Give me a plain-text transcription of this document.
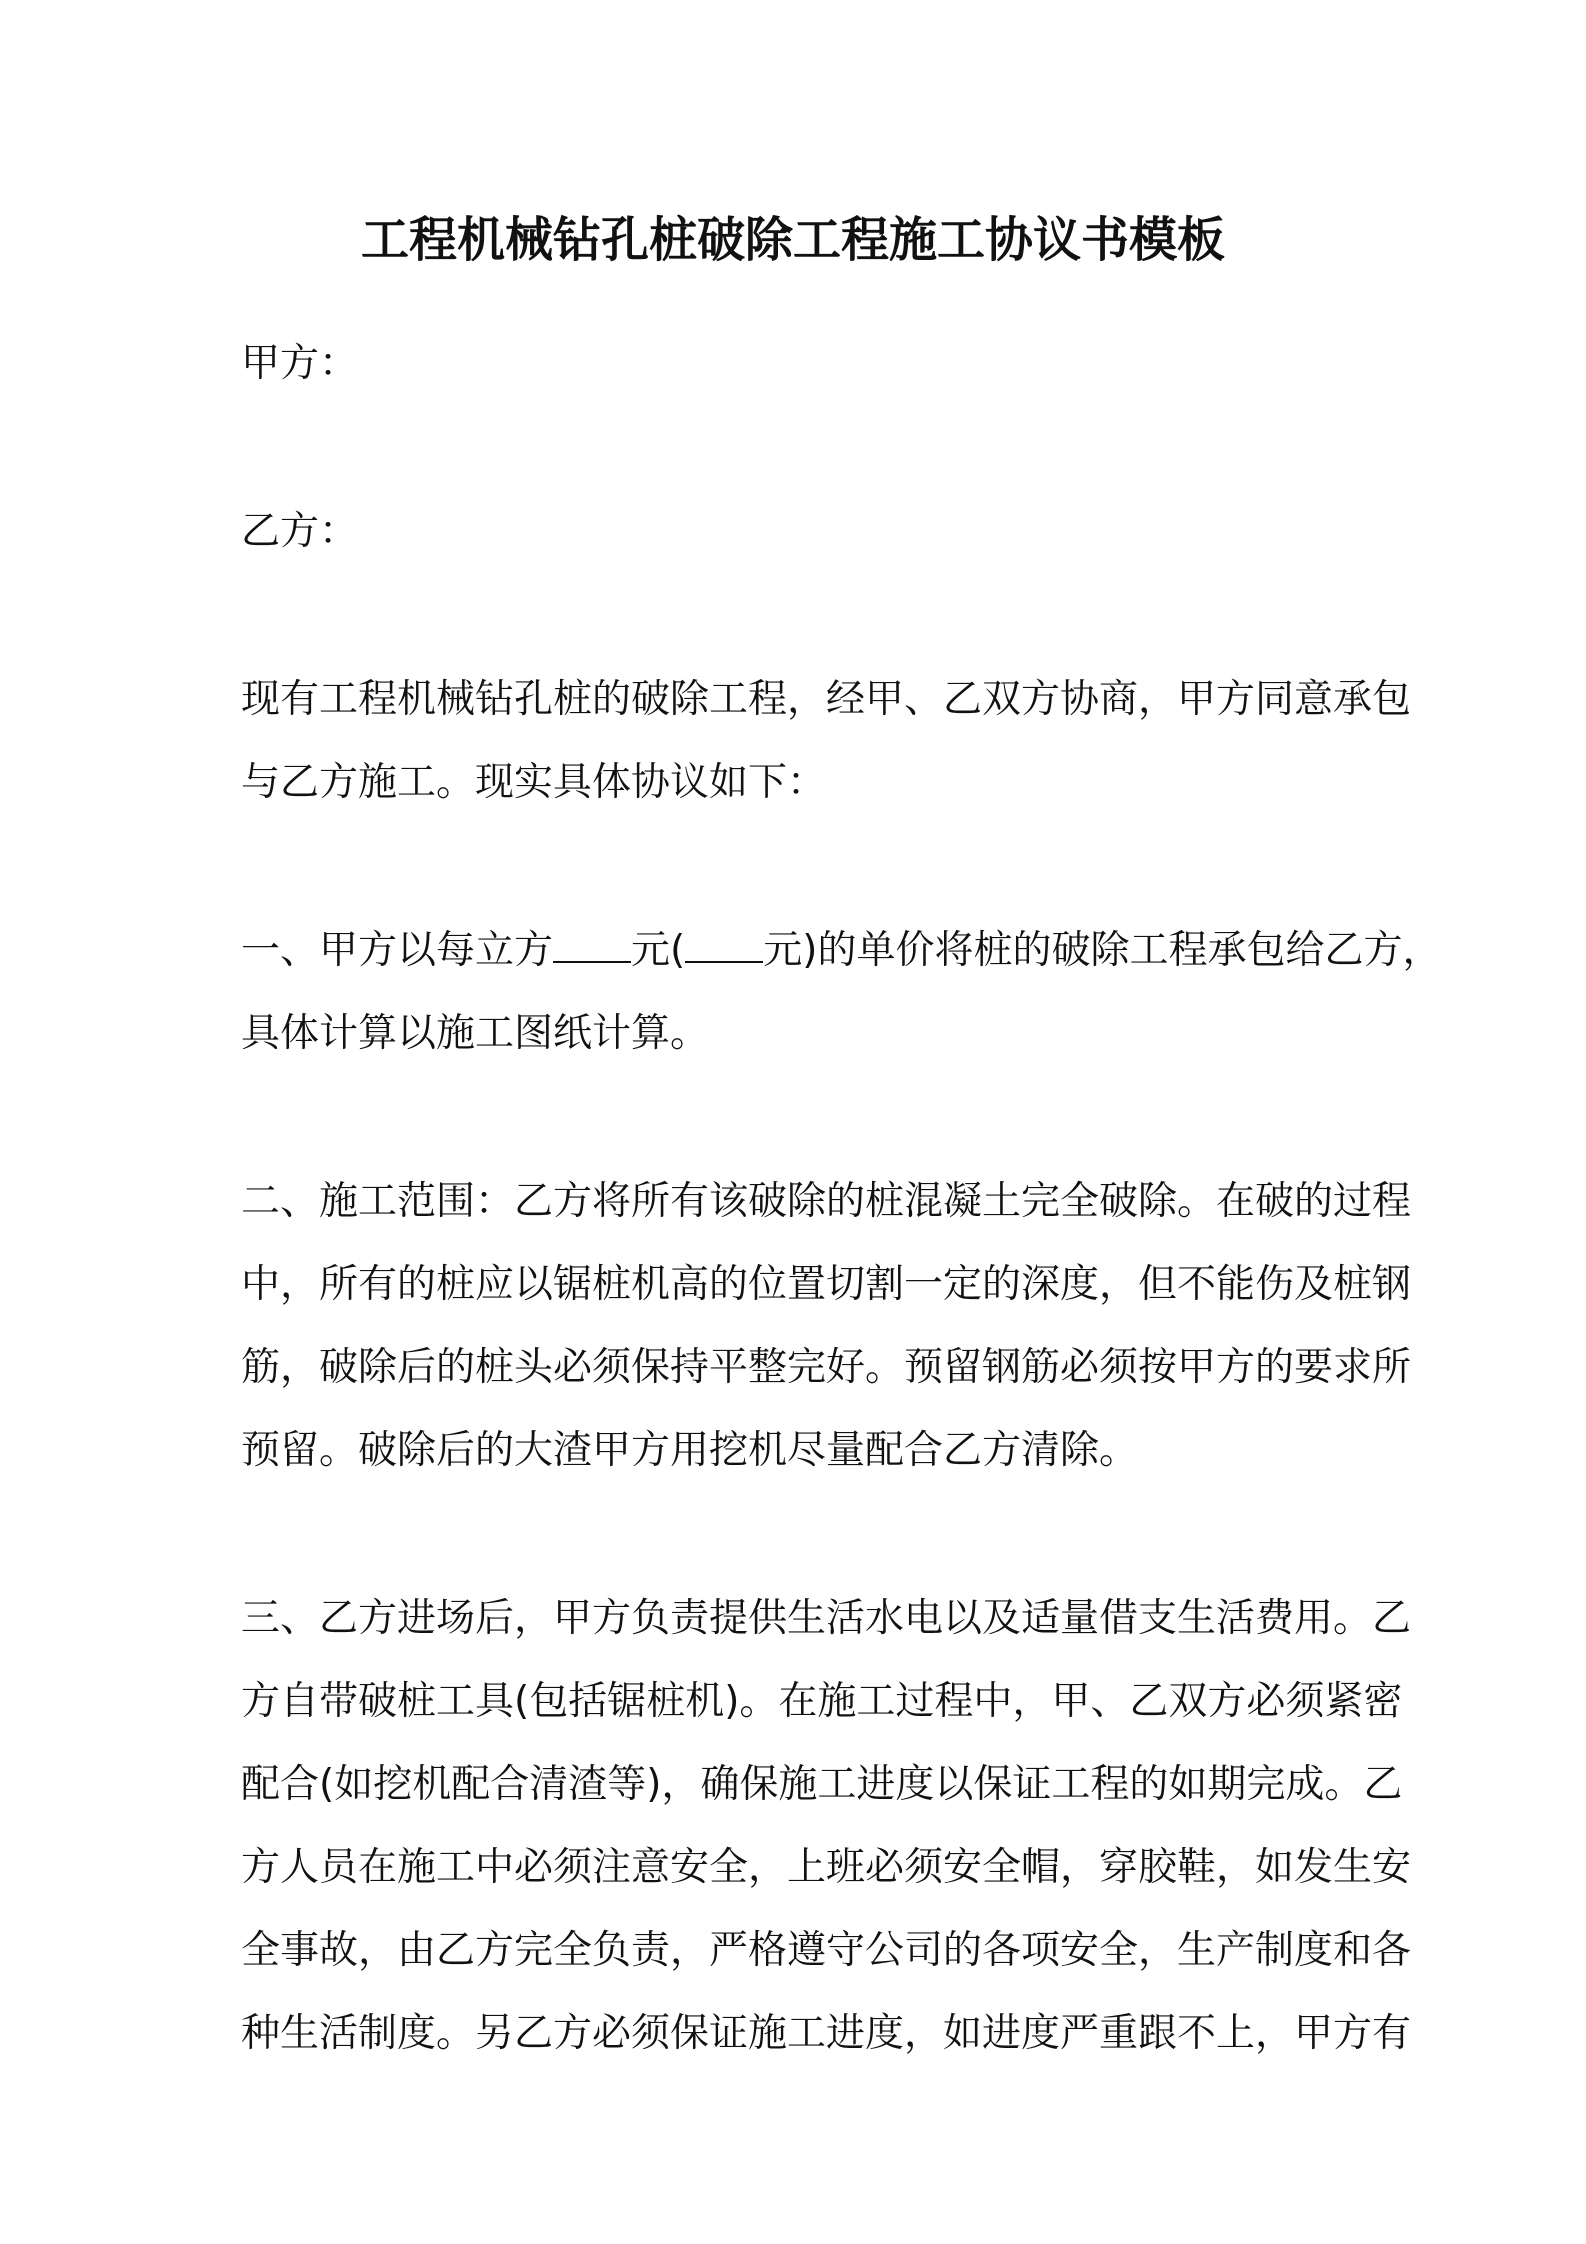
工程机械钻孔桩破除工程施工协议书模板

甲方：

乙方：

现有工程机械钻孔桩的破除工程，经甲、乙双方协商，甲方同意承包
与乙方施工。现实具体协议如下：
一、甲方以每立方 元( 元)的单价将桩的破除工程承包给乙方，
具体计算以施工图纸计算。
二、施工范围：乙方将所有该破除的桩混凝土完全破除。在破的过程
中，所有的桩应以锯桩机高的位置切割一定的深度，但不能伤及桩钢
筋，破除后的桩头必须保持平整完好。预留钢筋必须按甲方的要求所
预留。破除后的大渣甲方用挖机尽量配合乙方清除。
三、乙方进场后，甲方负责提供生活水电以及适量借支生活费用。乙
方自带破桩工具(包括锯桩机)。在施工过程中，甲、乙双方必须紧密
配合(如挖机配合清渣等)，确保施工进度以保证工程的如期完成。乙
方人员在施工中必须注意安全，上班必须安全帽，穿胶鞋，如发生安
全事故，由乙方完全负责，严格遵守公司的各项安全，生产制度和各
种生活制度。另乙方必须保证施工进度，如进度严重跟不上，甲方有
